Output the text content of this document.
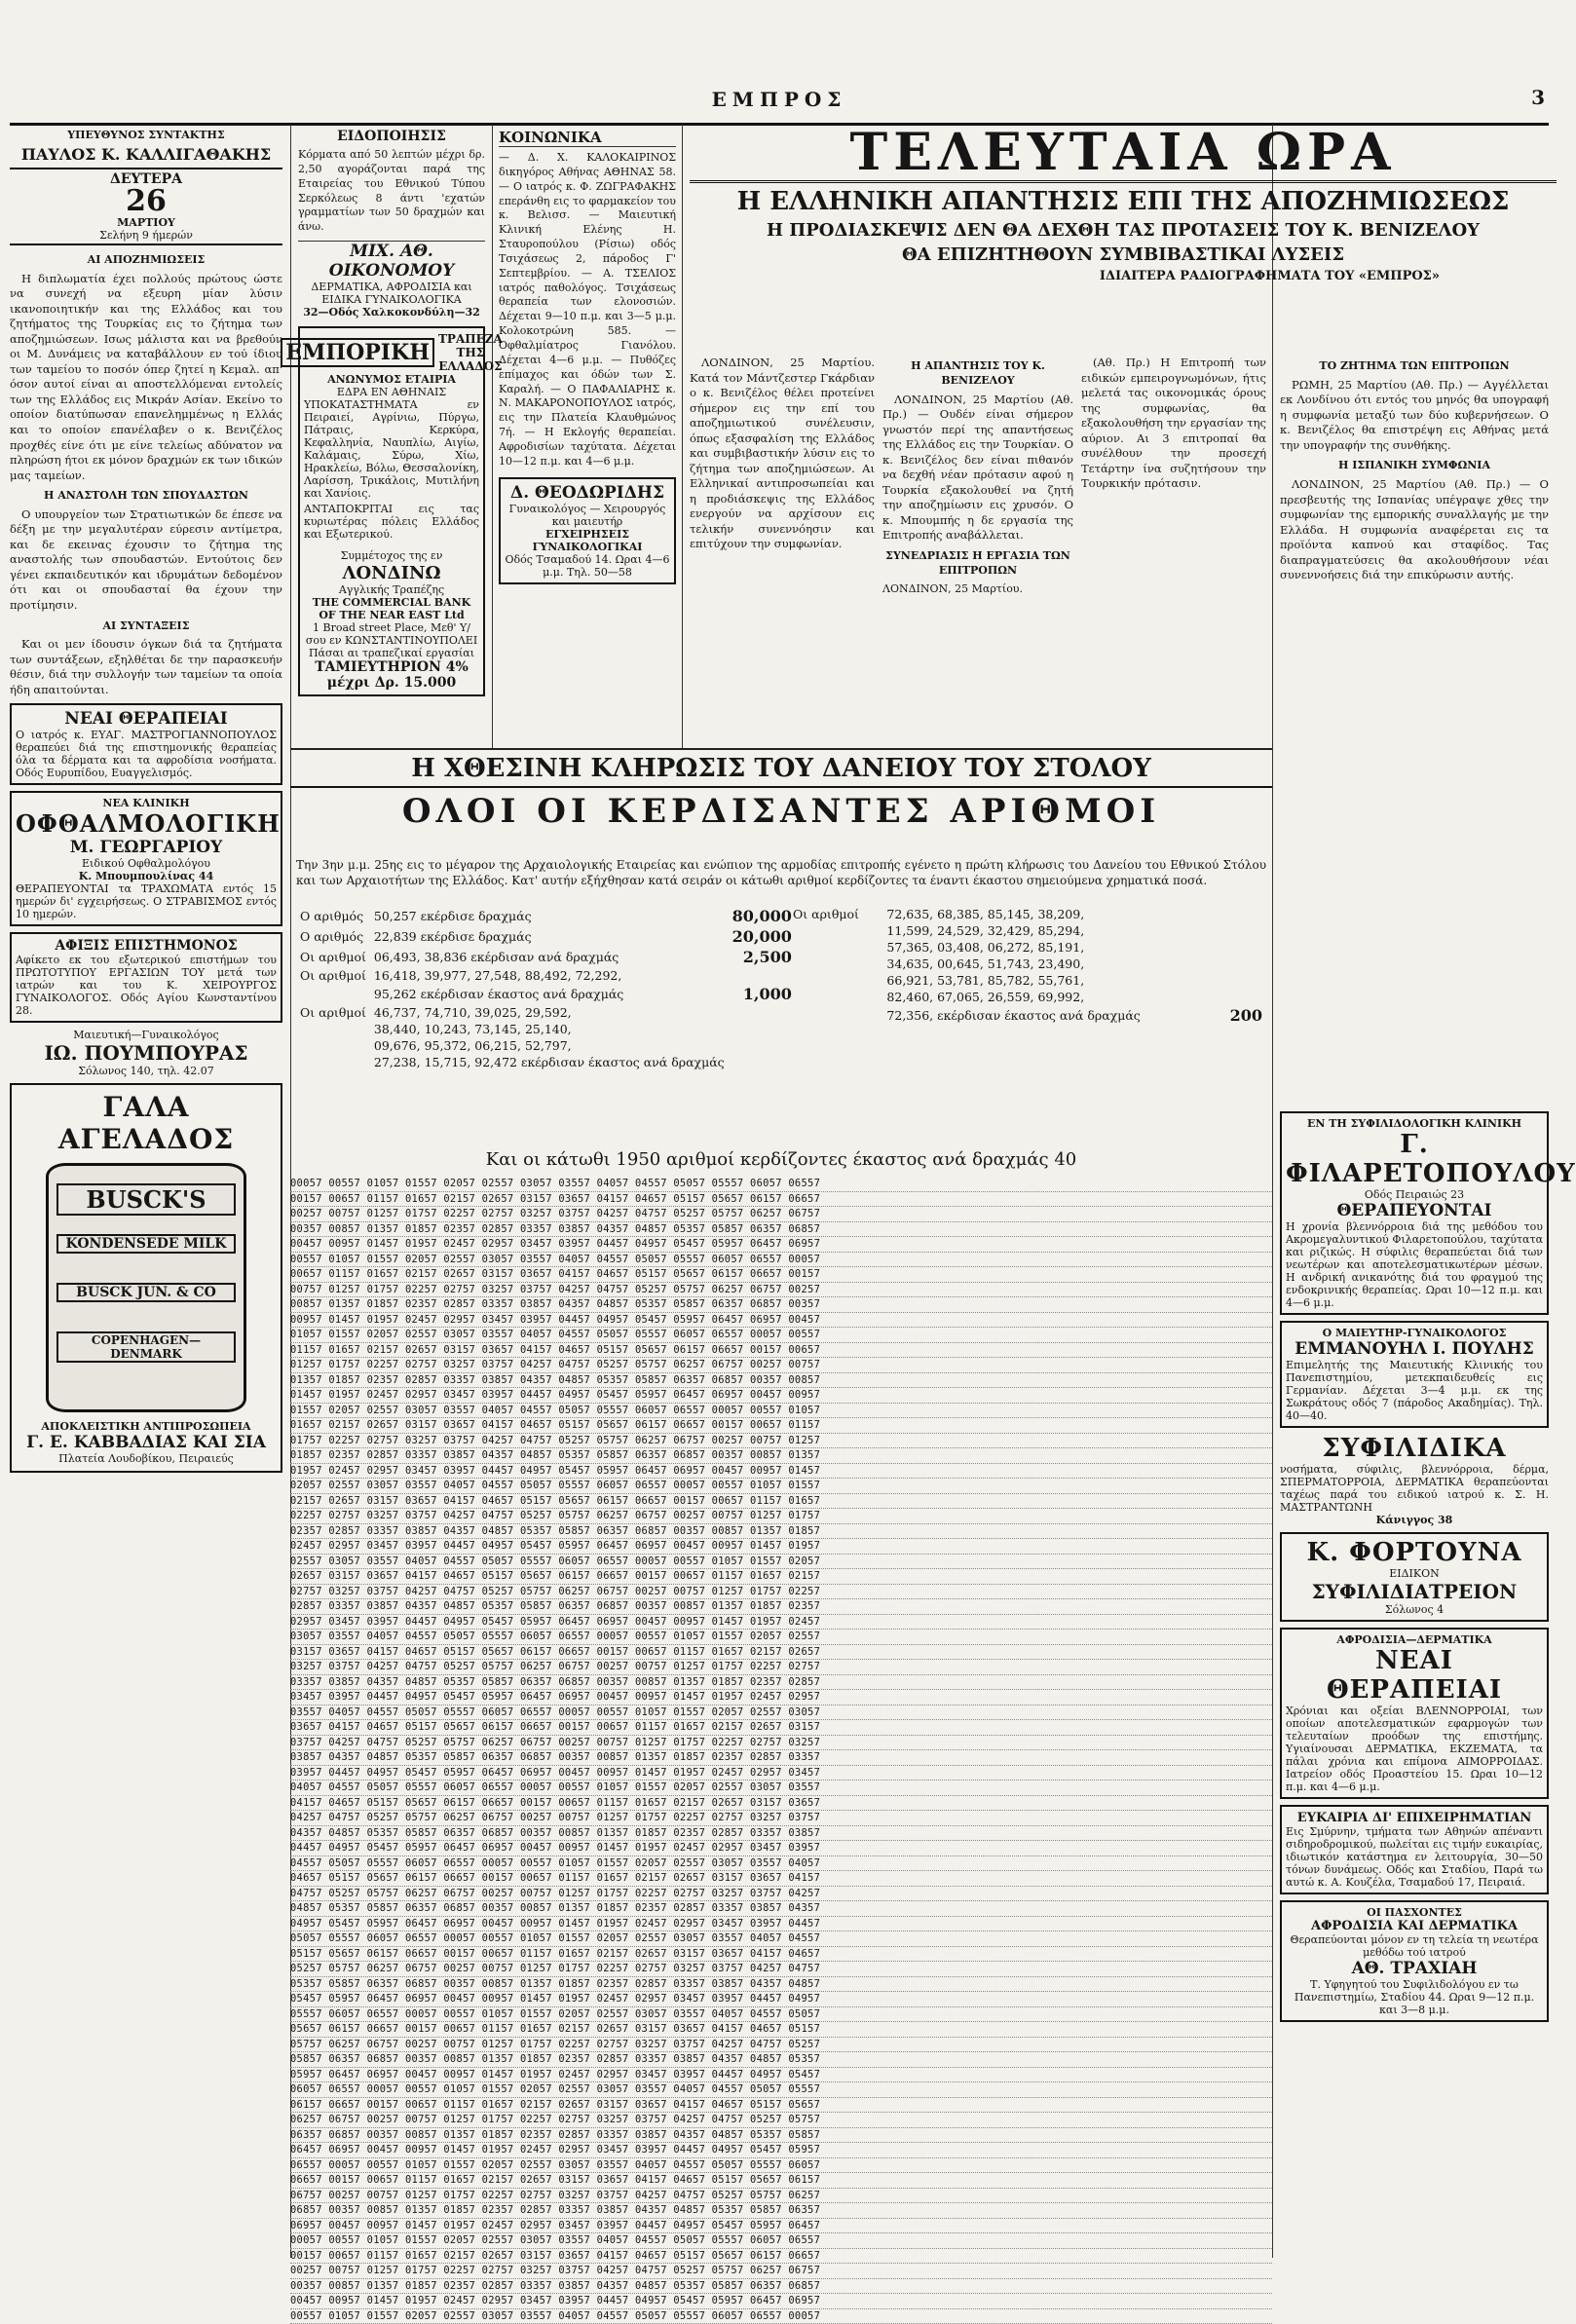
ΕΜΠΡΟΣ	3
ΥΠΕΥΘΥΝΟΣ ΣΥΝΤΑΚΤΗΣ
ΠΑΥΛΟΣ Κ. ΚΑΛΛΙΓΑΘΑΚΗΣ
ΔΕΥΤΕΡΑ
26
ΜΑΡΤΙΟΥ
Σελήνη 9 ήμερών
ΑΙ ΑΠΟΖΗΜΙΩΣΕΙΣ

Η διπλωματία έχει πολλούς πρώτους ώστε να συνεχή να εξευρη μίαν λύσιν ικανοποιητικήν και της Ελλάδος και του ζητήματος της Τουρκίας εις το ζήτημα των αποζημιώσεων. Ισως μάλιστα και να βρεθούν οι Μ. Δυνάμεις να καταβάλλουν εν τού ίδιου των ταμείου το ποσόν όπερ ζητεί η Κεμαλ. απ' όσον αυτοί είναι αι αποστελλόμεναι εντολείς των της Ελλάδος εις Μικράν Ασίαν. Εκείνο το οποίον διατύπωσαν επανελημμένως η Ελλάς και το οποίον επανέλαβεν ο κ. Βενιζέλος προχθές είνε ότι με είνε τελείως αδύνατον να πληρώση ήτοι εκ μόνον δραχμών εκ των ιδικών μας ταμείων.

Η ΑΝΑΣΤΟΛΗ ΤΩΝ ΣΠΟΥΔΑΣΤΩΝ

Ο υπουργείον των Στρατιωτικών δε έπεσε να δέξη με την μεγαλυτέραν εύρεσιν αντίμετρα, και δε εκεινας έχουσιν το ζήτημα της αναστολής των σπουδαστών. Εντούτοις δεν γένει εκπαιδευτικόν και ιδρυμάτων δεδομένον ότι και οι σπουδασταί θα έχουν την προτίμησιν.

ΑΙ ΣΥΝΤΑΞΕΙΣ

Και οι μεν ίδουσιν όγκων διά τα ζητήματα των συντάξεων, εξηλθέται δε την παρασκευήν θέσιν, διά την συλλογήν των ταμείων τα οποία ήδη απαιτούνται.

ΝΕΑΙ ΘΕΡΑΠΕΙΑΙ
Ο ιατρός κ. ΕΥΑΓ. ΜΑΣΤΡΟΓΙΑΝΝΟΠΟΥΛΟΣ θεραπεύει διά της επιστημονικής θεραπείας όλα τα δέρματα και τα αφροδίσια νοσήματα. Οδός Ευρυπίδου, Ευαγγελισμός.
ΝΕΑ ΚΛΙΝΙΚΗ
ΟΦΘΑΛΜΟΛΟΓΙΚΗ
Μ. ΓΕΩΡΓΑΡΙΟΥ
Ειδικού Οφθαλμολόγου
Κ. Μπουμπουλίνας 44
ΘΕΡΑΠΕΥΟΝΤΑΙ τα ΤΡΑΧΩΜΑΤΑ εντός 15 ημερών δι' εγχειρήσεως. Ο ΣΤΡΑΒΙΣΜΟΣ εντός 10 ημερών.
ΑΦΙΞΙΣ ΕΠΙΣΤΗΜΟΝΟΣ
Αφίκετο εκ του εξωτερικού επιστήμων του ΠΡΩΤΟΤΥΠΟΥ ΕΡΓΑΣΙΩΝ ΤΟΥ μετά των ιατρών και του Κ. ΧΕΙΡΟΥΡΓΟΣ ΓΥΝΑΙΚΟΛΟΓΟΣ. Οδός Αγίου Κωνσταντίνου 28.
Μαιευτική—Γυναικολόγος
ΙΩ. ΠΟΥΜΠΟΥΡΑΣ
Σόλωνος 140, τηλ. 42.07
ΓΑΛΑ ΑΓΕΛΑΔΟΣ
BUSCK'S
KONDENSEDE MILK
BUSCK JUN. & CO
COPENHAGEN—DENMARK
ΑΠΟΚΛΕΙΣΤΙΚΗ ΑΝΤΙΠΡΟΣΩΠΕΙΑ
Γ. Ε. ΚΑΒΒΑΔΙΑΣ ΚΑΙ ΣΙΑ
Πλατεία Λουδοβίκου, Πειραιεύς
ΕΙΔΟΠΟΙΗΣΙΣ
Κόρματα από 50 λεπτών μέχρι δρ. 2,50 αγοράζονται παρά της Εταιρείας του Εθνικού Τύπου Σερκόλεως 8 άντι 'εχατών γραμματίων των 50 δραχμών και άνω.
ΜΙΧ. ΑΘ. ΟΙΚΟΝΟΜΟΥ
ΔΕΡΜΑΤΙΚΑ, ΑΦΡΟΔΙΣΙΑ και ΕΙΔΙΚΑ ΓΥΝΑΙΚΟΛΟΓΙΚΑ
32—Οδός Χαλκοκονδύλη—32
ΕΜΠΟΡΙΚΗ
ΤΡΑΠΕΖΑ ΤΗΣ ΕΛΛΑΔΟΣ
ΑΝΩΝΥΜΟΣ ΕΤΑΙΡΙΑ
ΕΔΡΑ ΕΝ ΑΘΗΝΑΙΣ
ΥΠΟΚΑΤΑΣΤΗΜΑΤΑ εν Πειραιεί, Αγρίνιω, Πύργω, Πάτραις, Κερκύρα, Κεφαλληνία, Ναυπλίω, Αιγίω, Καλάμαις, Σύρω, Χίω, Ηρακλείω, Βόλω, Θεσσαλονίκη, Λαρίσση, Τρικάλοις, Μυτιλήνη και Χανίοις.
ΑΝΤΑΠΟΚΡΙΤΑΙ εις τας κυριωτέρας πόλεις Ελλάδος και Εξωτερικού.
Συμμέτοχος της εν ΛΟΝΔΙΝΩ
Αγγλικής Τραπέζης
THE COMMERCIAL BANK OF THE NEAR EAST Ltd
1 Broad street Place, Μεθ' Υ/σου εν ΚΩΝΣΤΑΝΤΙΝΟΥΠΟΛΕΙ
Πάσαι αι τραπεζικαί εργασίαι
ΤΑΜΙΕΥΤΗΡΙΟΝ 4%
μέχρι Δρ. 15.000
ΚΟΙΝΩΝΙΚΑ
— Δ. Χ. ΚΑΛΟΚΑΙΡΙΝΟΣ δικηγόρος Αθήνας ΑΘΗΝΑΣ 58. — Ο ιατρός κ. Φ. ΖΩΓΡΑΦΑΚΗΣ επεράνθη εις το φαρμακείον του κ. Βελισσ. — Μαιευτική Κλινική Ελένης Η. Σταυροπούλου (Ρίσιω) οδός Τσιχάσεως 2, πάροδος Γ' Σεπτεμβρίου. — Α. ΤΣΕΛΙΟΣ ιατρός παθολόγος. Τσιχάσεως θεραπεία των ελονοσιών. Δέχεται 9—10 π.μ. και 3—5 μ.μ. Κολοκοτρώνη 585. — Οφθαλμίατρος Γιανόλου. Δέχεται 4—6 μ.μ. — Πυθόζες επίμαχος και όδών των Σ. Καραλή. — Ο ΠΑΦΑΛΙΑΡΗΣ κ. Ν. ΜΑΚΑΡΟΝΟΠΟΥΛΟΣ ιατρός, εις την Πλατεία Κλαυθμώνος 7ή. — Η Εκλογής θεραπείαι. Αφροδισίων ταχύτατα. Δέχεται 10—12 π.μ. και 4—6 μ.μ.
Δ. ΘΕΟΔΩΡΙΔΗΣ
Γυναικολόγος — Χειρουργός και μαιευτήρ
ΕΓΧΕΙΡΗΣΕΙΣ ΓΥΝΑΙΚΟΛΟΓΙΚΑΙ
Οδός Τσαμαδού 14. Ωραι 4—6 μ.μ. Τηλ. 50—58
ΤΕΛΕΥΤΑΙΑ ΩΡΑ
Η ΕΛΛΗΝΙΚΗ ΑΠΑΝΤΗΣΙΣ ΕΠΙ ΤΗΣ ΑΠΟΖΗΜΙΩΣΕΩΣ
Η ΠΡΟΔΙΑΣΚΕΨΙΣ ΔΕΝ ΘΑ ΔΕΧΘΗ ΤΑΣ ΠΡΟΤΑΣΕΙΣ ΤΟΥ Κ. ΒΕΝΙΖΕΛΟΥ
ΘΑ ΕΠΙΖΗΤΗΘΟΥΝ ΣΥΜΒΙΒΑΣΤΙΚΑΙ ΛΥΣΕΙΣ
ΙΔΙΑΙΤΕΡΑ ΡΑΔΙΟΓΡΑΦΗΜΑΤΑ ΤΟΥ «ΕΜΠΡΟΣ»

ΛΟΝΔΙΝΟΝ, 25 Μαρτίου. Κατά τον Μάντζεστερ Γκάρδιαν ο κ. Βενιζέλος θέλει προτείνει σήμερον εις την επί του αποζημιωτικού συνέλευσιν, όπως εξασφαλίση της Ελλάδος και συμβιβαστικήν λύσιν εις το ζήτημα των αποζημιώσεων. Αι Ελληνικαί αντιπροσωπείαι και η προδιάσκεψις της Ελλάδος ενεργούν να αρχίσουν εις τελικήν συνεννόησιν και επιτύχουν την συμφωνίαν.

Η ΑΠΑΝΤΗΣΙΣ ΤΟΥ Κ. ΒΕΝΙΖΕΛΟΥ

ΛΟΝΔΙΝΟΝ, 25 Μαρτίου (Αθ. Πρ.) — Ουδέν είναι σήμερον γνωστόν περί της απαντήσεως της Ελλάδος εις την Τουρκίαν. Ο κ. Βενιζέλος δεν είναι πιθανόν να δεχθή νέαν πρότασιν αφού η Τουρκία εξακολουθεί να ζητή την αποζημίωσιν εις χρυσόν. Ο κ. Μπουμπής η δε εργασία της Επιτροπής αναβάλλεται.

ΣΥΝΕΔΡΙΑΣΙΣ Η ΕΡΓΑΣΙΑ ΤΩΝ ΕΠΙΤΡΟΠΩΝ
ΛΟΝΔΙΝΟΝ, 25 Μαρτίου.

(Αθ. Πρ.) Η Επιτροπή των ειδικών εμπειρογνωμόνων, ήτις μελετά τας οικονομικάς όρους της συμφωνίας, θα εξακολουθήση την εργασίαν της αύριον. Αι 3 επιτροπαί θα συνέλθουν την προσεχή Τετάρτην ίνα συζητήσουν την Τουρκικήν πρότασιν.

ΤΟ ΖΗΤΗΜΑ ΤΩΝ ΕΠΙΤΡΟΠΩΝ

ΡΩΜΗ, 25 Μαρτίου (Αθ. Πρ.) — Αγγέλλεται εκ Λονδίνου ότι εντός του μηνός θα υπογραφή η συμφωνία μεταξύ των δύο κυβερνήσεων. Ο κ. Βενιζέλος θα επιστρέψη εις Αθήνας μετά την υπογραφήν της συνθήκης.

Η ΙΣΠΑΝΙΚΗ ΣΥΜΦΩΝΙΑ

ΛΟΝΔΙΝΟΝ, 25 Μαρτίου (Αθ. Πρ.) — Ο πρεσβευτής της Ισπανίας υπέγραψε χθες την συμφωνίαν της εμπορικής συναλλαγής με την Ελλάδα. Η συμφωνία αναφέρεται εις τα προϊόντα καπνού και σταφίδος. Τας διαπραγματεύσεις θα ακολουθήσουν νέαι συνεννοήσεις διά την επικύρωσιν αυτής.

Η ΧΘΕΣΙΝΗ ΚΛΗΡΩΣΙΣ ΤΟΥ ΔΑΝΕΙΟΥ ΤΟΥ ΣΤΟΛΟΥ
ΟΛΟΙ ΟΙ ΚΕΡΔΙΣΑΝΤΕΣ ΑΡΙΘΜΟΙ
Την 3ην μ.μ. 25ης εις το μέγαρον της Αρχαιολογικής Εταιρείας και ενώπιον της αρμοδίας επιτροπής εγένετο η πρώτη κλήρωσις του Δανείου του Εθνικού Στόλου και των Αρχαιοτήτων της Ελλάδος. Κατ' αυτήν εξήχθησαν κατά σειράν οι κάτωθι αριθμοί κερδίζοντες τα έναντι έκαστου σημειούμενα χρηματικά ποσά.
Ο αριθμός	50,257 εκέρδισε δραχμάς	80,000
Ο αριθμός	22,839 εκέρδισε δραχμάς	20,000
Οι αριθμοί	06,493, 38,836 εκέρδισαν ανά δραχμάς	2,500
Οι αριθμοί	16,418, 39,977, 27,548, 88,492, 72,292,	
	95,262 εκέρδισαν έκαστος ανά δραχμάς	1,000
Οι αριθμοί	46,737, 74,710, 39,025, 29,592,	
	38,440, 10,243, 73,145, 25,140,	
	09,676, 95,372, 06,215, 52,797,	
	27,238, 15,715, 92,472 εκέρδισαν έκαστος ανά δραχμάς	
Οι αριθμοί	72,635, 68,385, 85,145, 38,209,	
	11,599, 24,529, 32,429, 85,294,	
	57,365, 03,408, 06,272, 85,191,	
	34,635, 00,645, 51,743, 23,490,	
	66,921, 53,781, 85,782, 55,761,	
	82,460, 67,065, 26,559, 69,992,	
	72,356, εκέρδισαν έκαστος ανά δραχμάς	200
Και οι κάτωθι 1950 αριθμοί κερδίζοντες έκαστος ανά δραχμάς 40
00057 00557 01057 01557 02057 02557 03057 03557 04057 04557 05057 05557 06057 06557
00157 00657 01157 01657 02157 02657 03157 03657 04157 04657 05157 05657 06157 06657
00257 00757 01257 01757 02257 02757 03257 03757 04257 04757 05257 05757 06257 06757
00357 00857 01357 01857 02357 02857 03357 03857 04357 04857 05357 05857 06357 06857
00457 00957 01457 01957 02457 02957 03457 03957 04457 04957 05457 05957 06457 06957
00557 01057 01557 02057 02557 03057 03557 04057 04557 05057 05557 06057 06557 00057
00657 01157 01657 02157 02657 03157 03657 04157 04657 05157 05657 06157 06657 00157
00757 01257 01757 02257 02757 03257 03757 04257 04757 05257 05757 06257 06757 00257
00857 01357 01857 02357 02857 03357 03857 04357 04857 05357 05857 06357 06857 00357
00957 01457 01957 02457 02957 03457 03957 04457 04957 05457 05957 06457 06957 00457
01057 01557 02057 02557 03057 03557 04057 04557 05057 05557 06057 06557 00057 00557
01157 01657 02157 02657 03157 03657 04157 04657 05157 05657 06157 06657 00157 00657
01257 01757 02257 02757 03257 03757 04257 04757 05257 05757 06257 06757 00257 00757
01357 01857 02357 02857 03357 03857 04357 04857 05357 05857 06357 06857 00357 00857
01457 01957 02457 02957 03457 03957 04457 04957 05457 05957 06457 06957 00457 00957
01557 02057 02557 03057 03557 04057 04557 05057 05557 06057 06557 00057 00557 01057
01657 02157 02657 03157 03657 04157 04657 05157 05657 06157 06657 00157 00657 01157
01757 02257 02757 03257 03757 04257 04757 05257 05757 06257 06757 00257 00757 01257
01857 02357 02857 03357 03857 04357 04857 05357 05857 06357 06857 00357 00857 01357
01957 02457 02957 03457 03957 04457 04957 05457 05957 06457 06957 00457 00957 01457
02057 02557 03057 03557 04057 04557 05057 05557 06057 06557 00057 00557 01057 01557
02157 02657 03157 03657 04157 04657 05157 05657 06157 06657 00157 00657 01157 01657
02257 02757 03257 03757 04257 04757 05257 05757 06257 06757 00257 00757 01257 01757
02357 02857 03357 03857 04357 04857 05357 05857 06357 06857 00357 00857 01357 01857
02457 02957 03457 03957 04457 04957 05457 05957 06457 06957 00457 00957 01457 01957
02557 03057 03557 04057 04557 05057 05557 06057 06557 00057 00557 01057 01557 02057
02657 03157 03657 04157 04657 05157 05657 06157 06657 00157 00657 01157 01657 02157
02757 03257 03757 04257 04757 05257 05757 06257 06757 00257 00757 01257 01757 02257
02857 03357 03857 04357 04857 05357 05857 06357 06857 00357 00857 01357 01857 02357
02957 03457 03957 04457 04957 05457 05957 06457 06957 00457 00957 01457 01957 02457
03057 03557 04057 04557 05057 05557 06057 06557 00057 00557 01057 01557 02057 02557
03157 03657 04157 04657 05157 05657 06157 06657 00157 00657 01157 01657 02157 02657
03257 03757 04257 04757 05257 05757 06257 06757 00257 00757 01257 01757 02257 02757
03357 03857 04357 04857 05357 05857 06357 06857 00357 00857 01357 01857 02357 02857
03457 03957 04457 04957 05457 05957 06457 06957 00457 00957 01457 01957 02457 02957
03557 04057 04557 05057 05557 06057 06557 00057 00557 01057 01557 02057 02557 03057
03657 04157 04657 05157 05657 06157 06657 00157 00657 01157 01657 02157 02657 03157
03757 04257 04757 05257 05757 06257 06757 00257 00757 01257 01757 02257 02757 03257
03857 04357 04857 05357 05857 06357 06857 00357 00857 01357 01857 02357 02857 03357
03957 04457 04957 05457 05957 06457 06957 00457 00957 01457 01957 02457 02957 03457
04057 04557 05057 05557 06057 06557 00057 00557 01057 01557 02057 02557 03057 03557
04157 04657 05157 05657 06157 06657 00157 00657 01157 01657 02157 02657 03157 03657
04257 04757 05257 05757 06257 06757 00257 00757 01257 01757 02257 02757 03257 03757
04357 04857 05357 05857 06357 06857 00357 00857 01357 01857 02357 02857 03357 03857
04457 04957 05457 05957 06457 06957 00457 00957 01457 01957 02457 02957 03457 03957
04557 05057 05557 06057 06557 00057 00557 01057 01557 02057 02557 03057 03557 04057
04657 05157 05657 06157 06657 00157 00657 01157 01657 02157 02657 03157 03657 04157
04757 05257 05757 06257 06757 00257 00757 01257 01757 02257 02757 03257 03757 04257
04857 05357 05857 06357 06857 00357 00857 01357 01857 02357 02857 03357 03857 04357
04957 05457 05957 06457 06957 00457 00957 01457 01957 02457 02957 03457 03957 04457
05057 05557 06057 06557 00057 00557 01057 01557 02057 02557 03057 03557 04057 04557
05157 05657 06157 06657 00157 00657 01157 01657 02157 02657 03157 03657 04157 04657
05257 05757 06257 06757 00257 00757 01257 01757 02257 02757 03257 03757 04257 04757
05357 05857 06357 06857 00357 00857 01357 01857 02357 02857 03357 03857 04357 04857
05457 05957 06457 06957 00457 00957 01457 01957 02457 02957 03457 03957 04457 04957
05557 06057 06557 00057 00557 01057 01557 02057 02557 03057 03557 04057 04557 05057
05657 06157 06657 00157 00657 01157 01657 02157 02657 03157 03657 04157 04657 05157
05757 06257 06757 00257 00757 01257 01757 02257 02757 03257 03757 04257 04757 05257
05857 06357 06857 00357 00857 01357 01857 02357 02857 03357 03857 04357 04857 05357
05957 06457 06957 00457 00957 01457 01957 02457 02957 03457 03957 04457 04957 05457
06057 06557 00057 00557 01057 01557 02057 02557 03057 03557 04057 04557 05057 05557
06157 06657 00157 00657 01157 01657 02157 02657 03157 03657 04157 04657 05157 05657
06257 06757 00257 00757 01257 01757 02257 02757 03257 03757 04257 04757 05257 05757
06357 06857 00357 00857 01357 01857 02357 02857 03357 03857 04357 04857 05357 05857
06457 06957 00457 00957 01457 01957 02457 02957 03457 03957 04457 04957 05457 05957
06557 00057 00557 01057 01557 02057 02557 03057 03557 04057 04557 05057 05557 06057
06657 00157 00657 01157 01657 02157 02657 03157 03657 04157 04657 05157 05657 06157
06757 00257 00757 01257 01757 02257 02757 03257 03757 04257 04757 05257 05757 06257
06857 00357 00857 01357 01857 02357 02857 03357 03857 04357 04857 05357 05857 06357
06957 00457 00957 01457 01957 02457 02957 03457 03957 04457 04957 05457 05957 06457
00057 00557 01057 01557 02057 02557 03057 03557 04057 04557 05057 05557 06057 06557
00157 00657 01157 01657 02157 02657 03157 03657 04157 04657 05157 05657 06157 06657
00257 00757 01257 01757 02257 02757 03257 03757 04257 04757 05257 05757 06257 06757
00357 00857 01357 01857 02357 02857 03357 03857 04357 04857 05357 05857 06357 06857
00457 00957 01457 01957 02457 02957 03457 03957 04457 04957 05457 05957 06457 06957
00557 01057 01557 02057 02557 03057 03557 04057 04557 05057 05557 06057 06557 00057
ΕΝ ΤΗ ΣΥΦΙΛΙΔΟΛΟΓΙΚΗ ΚΛΙΝΙΚΗ
Γ. ΦΙΛΑΡΕΤΟΠΟΥΛΟΥ
Οδός Πειραιώς 23
ΘΕΡΑΠΕΥΟΝΤΑΙ
Η χρονία βλεννόρροια διά της μεθόδου του Ακρομεγαλυντικού Φιλαρετοπούλου, ταχύτατα και ριζικώς. Η σύφιλις θεραπεύεται διά των νεωτέρων και αποτελεσματικωτέρων μέσων. Η ανδρική ανικανότης διά του φραγμού της ενδοκρινικής θεραπείας. Ωραι 10—12 π.μ. και 4—6 μ.μ.
Ο ΜΑΙΕΥΤΗΡ-ΓΥΝΑΙΚΟΛΟΓΟΣ
ΕΜΜΑΝΟΥΗΛ Ι. ΠΟΥΛΗΣ
Επιμελητής της Μαιευτικής Κλινικής του Πανεπιστημίου, μετεκπαιδευθείς εις Γερμανίαν. Δέχεται 3—4 μ.μ. εκ της Σωκράτους οδός 7 (πάροδος Ακαδημίας). Τηλ. 40—40.
ΣΥΦΙΛΙΔΙΚΑ
νοσήματα, σύφιλις, βλεννόρροια, δέρμα, ΣΠΕΡΜΑΤΟΡΡΟΙΑ, ΔΕΡΜΑΤΙΚΑ θεραπεύονται ταχέως παρά του ειδικού ιατρού κ. Σ. Η. ΜΑΣΤΡΑΝΤΩΝΗ
Κάνιγγος 38
Κ. ΦΟΡΤΟΥΝΑ
ΕΙΔΙΚΟΝ
ΣΥΦΙΛΙΔΙΑΤΡΕΙΟΝ
Σόλωνος 4
ΑΦΡΟΔΙΣΙΑ—ΔΕΡΜΑΤΙΚΑ
ΝΕΑΙ ΘΕΡΑΠΕΙΑΙ
Χρόνιαι και οξείαι ΒΛΕΝΝΟΡΡΟΙΑΙ, των οποίων αποτελεσματικών εφαρμογών των τελευταίων προόδων της επιστήμης. Υγιαίνουσαι ΔΕΡΜΑΤΙΚΑ, ΕΚΖΕΜΑΤΑ, τα πάλαι χρόνια και επίμονα ΑΙΜΟΡΡΟΙΔΑΣ. Ιατρείον οδός Προαστείου 15. Ωραι 10—12 π.μ. και 4—6 μ.μ.
ΕΥΚΑΙΡΙΑ ΔΙ' ΕΠΙΧΕΙΡΗΜΑΤΙΑΝ
Εις Σμύρνην, τμήματα των Αθηνών απέναντι σιδηροδρομικού, πωλείται εις τιμήν ευκαιρίας, ιδιωτικόν κατάστημα εν λειτουργία, 30—50 τόνων δυνάμεως. Οδός και Σταδίου, Παρά τω αυτώ κ. Α. Κουζέλα, Τσαμαδού 17, Πειραιά.
ΟΙ ΠΑΣΧΟΝΤΕΣ
ΑΦΡΟΔΙΣΙΑ ΚΑΙ ΔΕΡΜΑΤΙΚΑ
Θεραπεύονται μόνον εν τη τελεία τη νεωτέρα μεθόδω τού ιατρού
ΑΘ. ΤΡΑΧΙΑΗ
Τ. Υφηγητού του Συφιλιδολόγου εν τω Πανεπιστημίω, Σταδίου 44. Ωραι 9—12 π.μ. και 3—8 μ.μ.
